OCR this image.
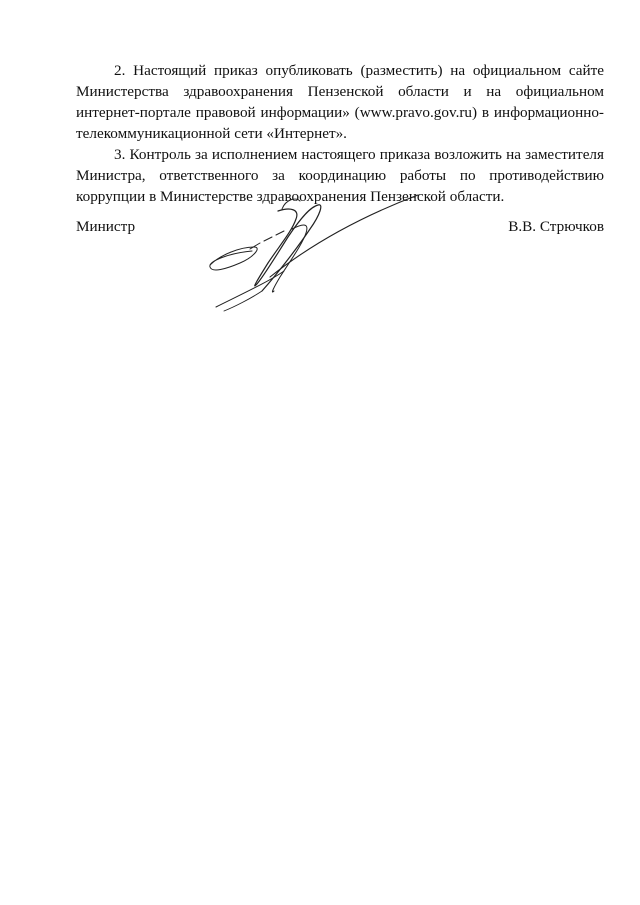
2. Настоящий приказ опубликовать (разместить) на официальном сайте
Министерства здравоохранения Пензенской области и на официальном
интернет-портале правовой информации» (www.pravo.gov.ru) в информационно-
телекоммуникационной сети «Интернет».
3. Контроль за исполнением настоящего приказа возложить на заместителя
Министра, ответственного за координацию работы по противодействию
коррупции в Министерстве здравоохранения Пензенской области.
Министр	В.В. Стрючков
